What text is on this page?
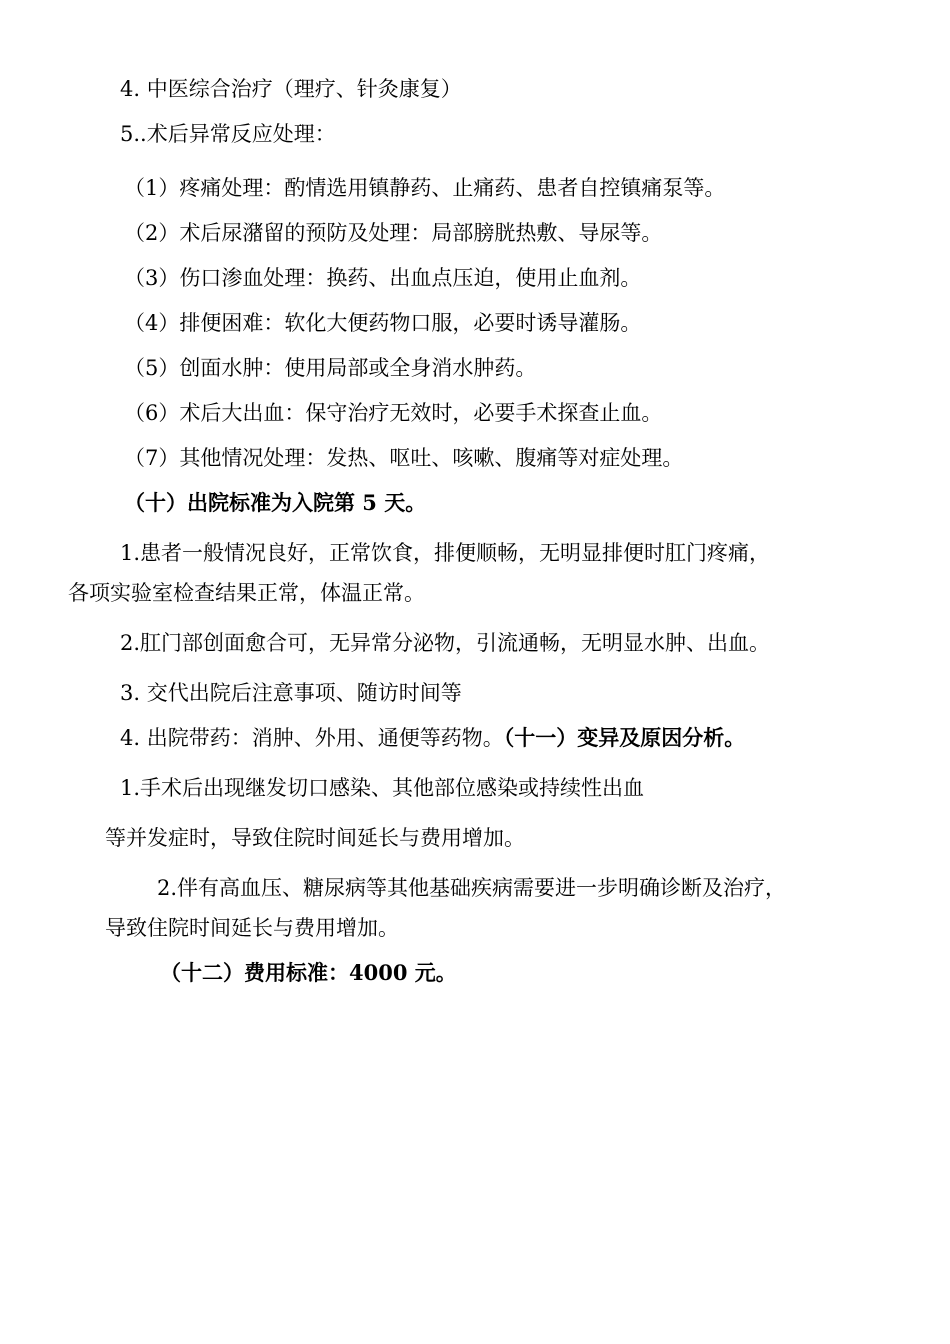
4. 中医综合治疗（理疗、针灸康复）

5..术后异常反应处理：

（1）疼痛处理：酌情选用镇静药、止痛药、患者自控镇痛泵等。

（2）术后尿潴留的预防及处理：局部膀胱热敷、导尿等。

（3）伤口渗血处理：换药、出血点压迫，使用止血剂。

（4）排便困难：软化大便药物口服，必要时诱导灌肠。

（5）创面水肿：使用局部或全身消水肿药。

（6）术后大出血：保守治疗无效时，必要手术探查止血。

（7）其他情况处理：发热、呕吐、咳嗽、腹痛等对症处理。

（十）出院标准为入院第 5 天。

1.患者一般情况良好，正常饮食，排便顺畅，无明显排便时肛门疼痛，

各项实验室检查结果正常，体温正常。

2.肛门部创面愈合可，无异常分泌物，引流通畅，无明显水肿、出血。

3. 交代出院后注意事项、随访时间等

4. 出院带药：消肿、外用、通便等药物。（十一）变异及原因分析。

1.手术后出现继发切口感染、其他部位感染或持续性出血

等并发症时，导致住院时间延长与费用增加。

2.伴有高血压、糖尿病等其他基础疾病需要进一步明确诊断及治疗，

导致住院时间延长与费用增加。

（十二）费用标准：4000 元。
